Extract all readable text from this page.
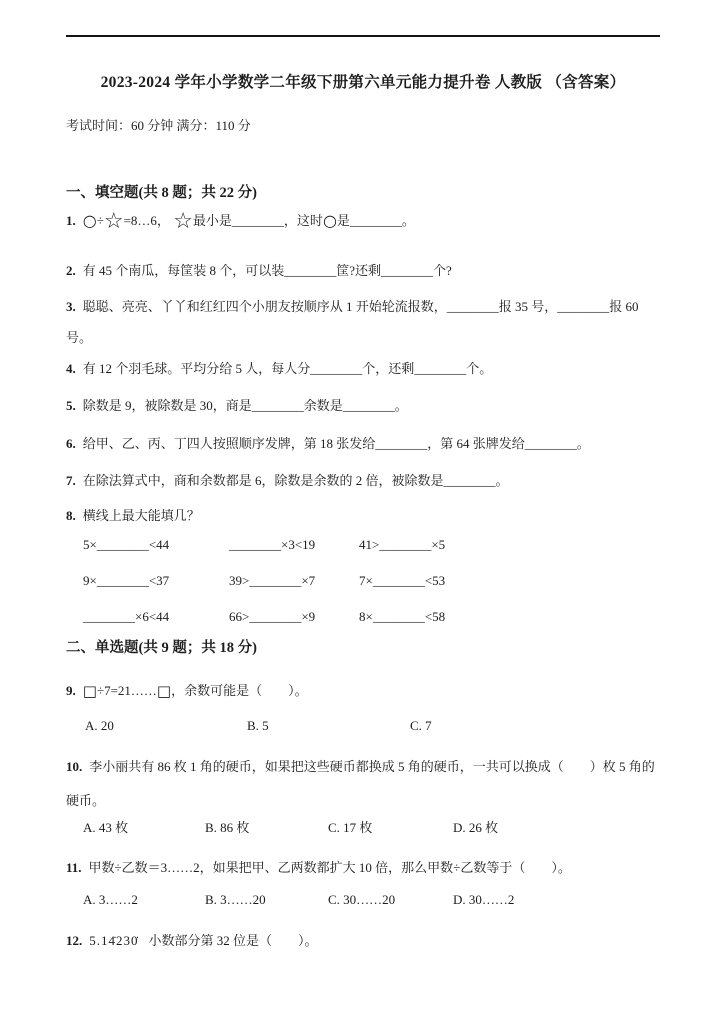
2023-2024 学年小学数学二年级下册第六单元能力提升卷 人教版 （含答案）
考试时间：60 分钟 满分：110 分
一、填空题(共 8 题；共 22 分)
1. ○÷☆=8…6， ☆最小是________，这时○是________。
2. 有 45 个南瓜，每筐装 8 个，可以装________筐?还剩________个?
3. 聪聪、亮亮、丫丫和红红四个小朋友按顺序从 1 开始轮流报数，________报 35 号，________报 60 号。
4. 有 12 个羽毛球。平均分给 5 人，每人分________个，还剩________个。
5. 除数是 9，被除数是 30，商是________余数是________。
6. 给甲、乙、丙、丁四人按照顺序发牌，第 18 张发给________，第 64 张牌发给________。
7. 在除法算式中，商和余数都是 6，除数是余数的 2 倍，被除数是________。
8. 横线上最大能填几？
5×________<44	________×3<19	41>________×5
9×________<37	39>________×7	7×________<53
________×6<44	66>________×9	8×________<58
二、单选题(共 9 题；共 18 分)
9. □÷7=21……□，余数可能是（　　）。
A. 20	B. 5	C. 7
10. 李小丽共有 86 枚 1 角的硬币，如果把这些硬币都换成 5 角的硬币，一共可以换成（　　）枚 5 角的硬币。
A. 43 枚	B. 86 枚	C. 17 枚	D. 26 枚
11. 甲数÷乙数＝3……2，如果把甲、乙两数都扩大 10 倍，那么甲数÷乙数等于（　　）。
A. 3……2	B. 3……20	C. 30……20	D. 30……2
12. 5.14̇230̇ 小数部分第 32 位是（　　）。
